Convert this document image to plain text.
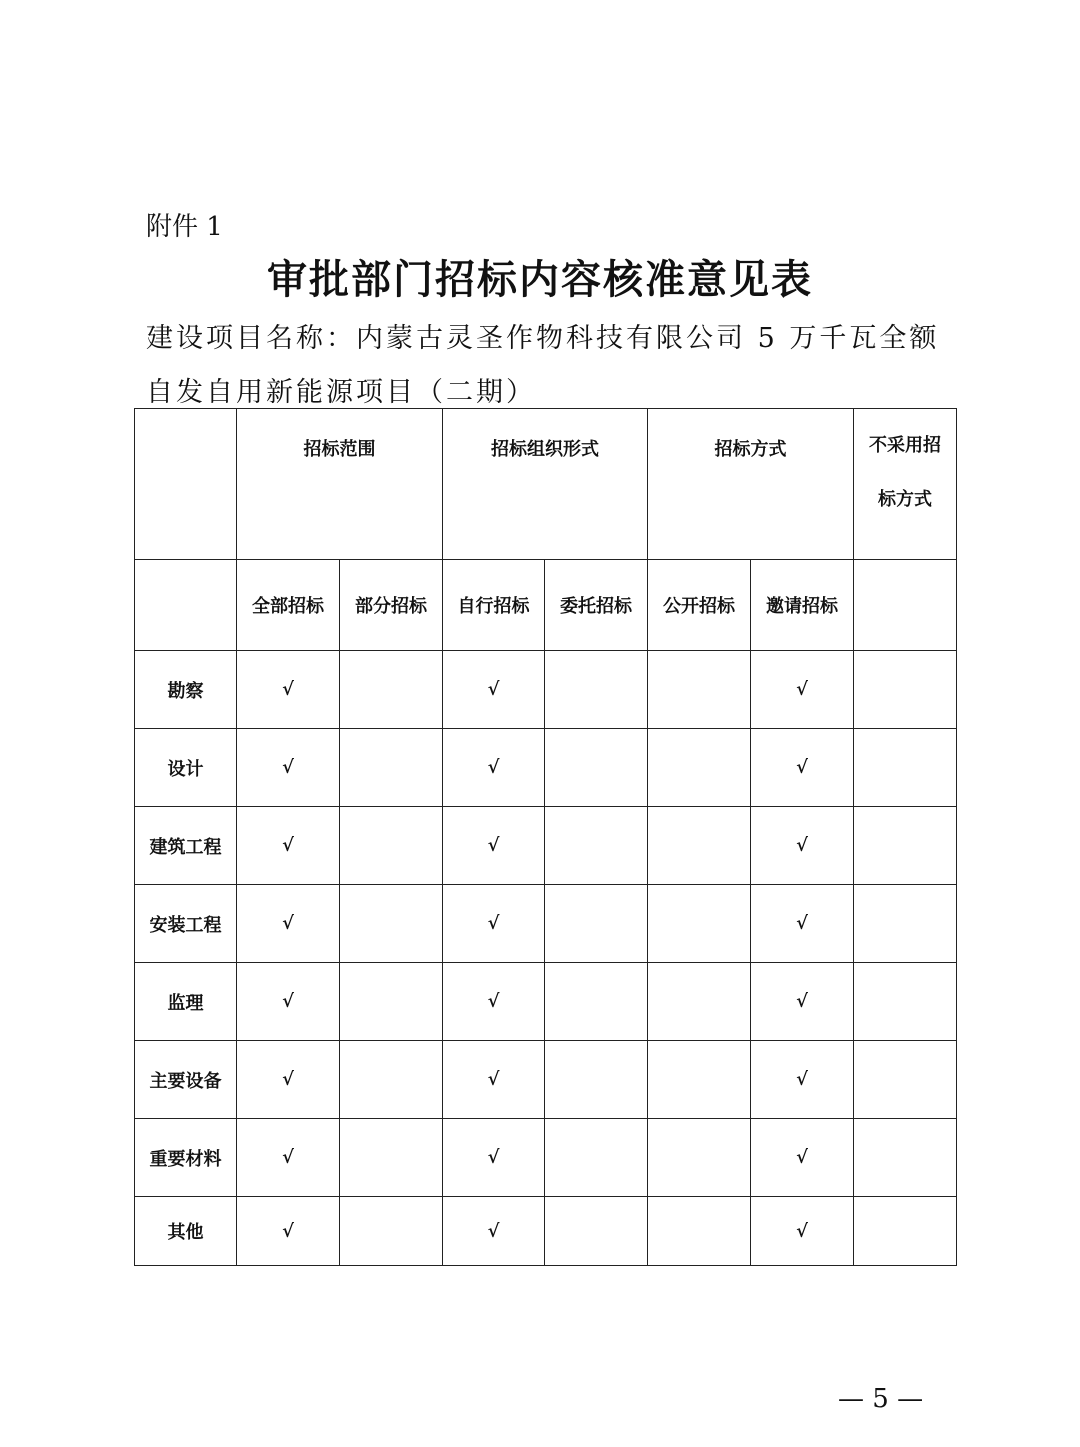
附件 1
审批部门招标内容核准意见表
建设项目名称：内蒙古灵圣作物科技有限公司 5 万千瓦全额自发自用新能源项目（二期）
	招标范围		招标组织形式		招标方式		不采用招
标方式
	全部招标	部分招标	自行招标	委托招标	公开招标	邀请招标	
勘察	√		√			√	
设计	√		√			√	
建筑工程	√		√			√	
安装工程	√		√			√	
监理	√		√			√	
主要设备	√		√			√	
重要材料	√		√			√	
其他	√		√			√	
— 5 —
